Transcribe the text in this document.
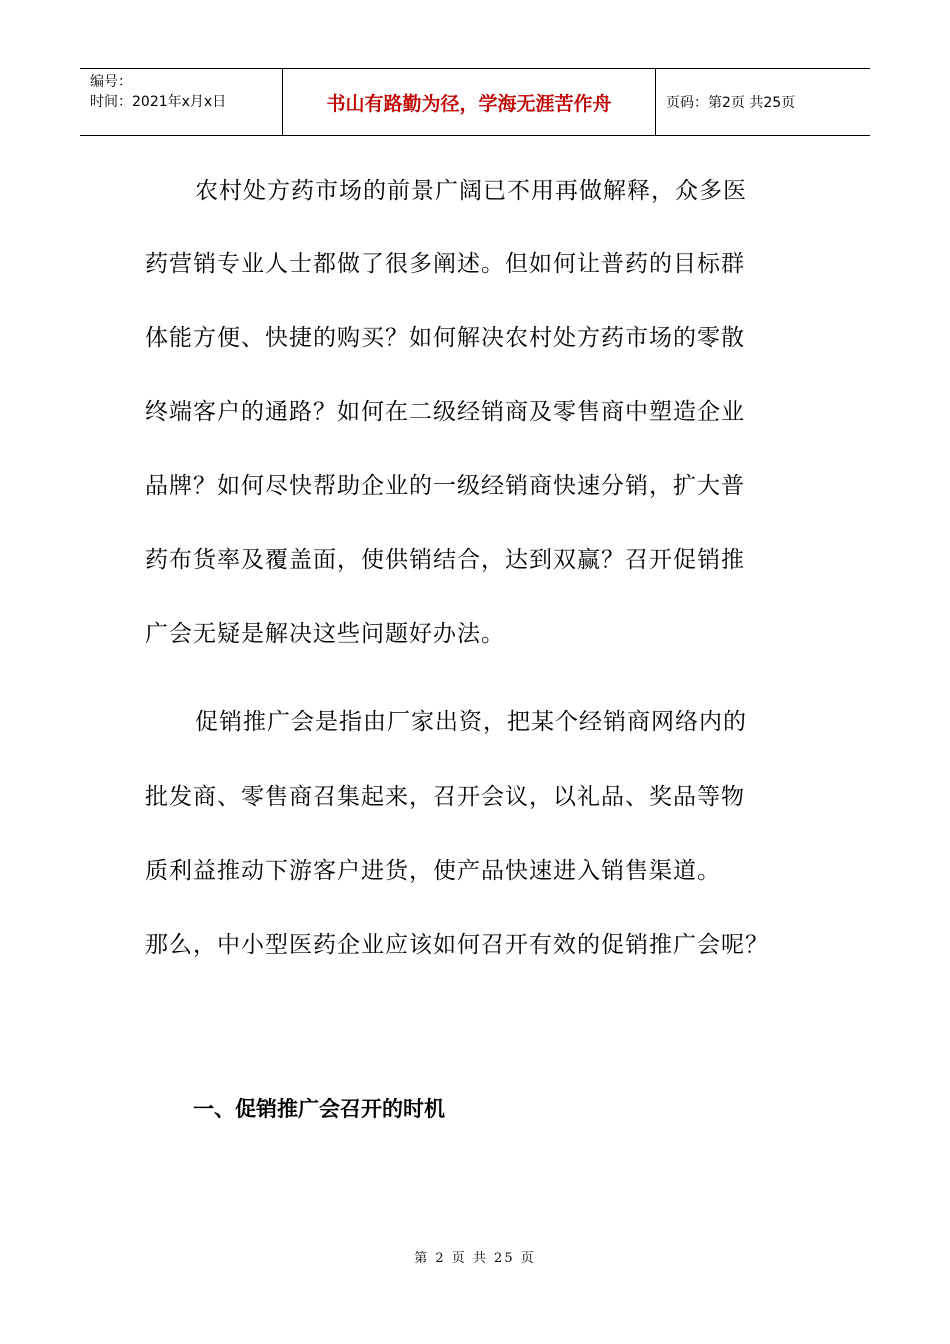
编号：
时间：2021年x月x日	书山有路勤为径，学海无涯苦作舟	页码：第2页 共25页
农村处方药市场的前景广阔已不用再做解释，众多医
药营销专业人士都做了很多阐述。但如何让普药的目标群
体能方便、快捷的购买？如何解决农村处方药市场的零散
终端客户的通路？如何在二级经销商及零售商中塑造企业
品牌？如何尽快帮助企业的一级经销商快速分销，扩大普
药布货率及覆盖面，使供销结合，达到双赢？召开促销推
广会无疑是解决这些问题好办法。
促销推广会是指由厂家出资，把某个经销商网络内的
批发商、零售商召集起来，召开会议，以礼品、奖品等物
质利益推动下游客户进货，使产品快速进入销售渠道。
那么，中小型医药企业应该如何召开有效的促销推广会呢？
一、促销推广会召开的时机
第 2 页 共 25 页
